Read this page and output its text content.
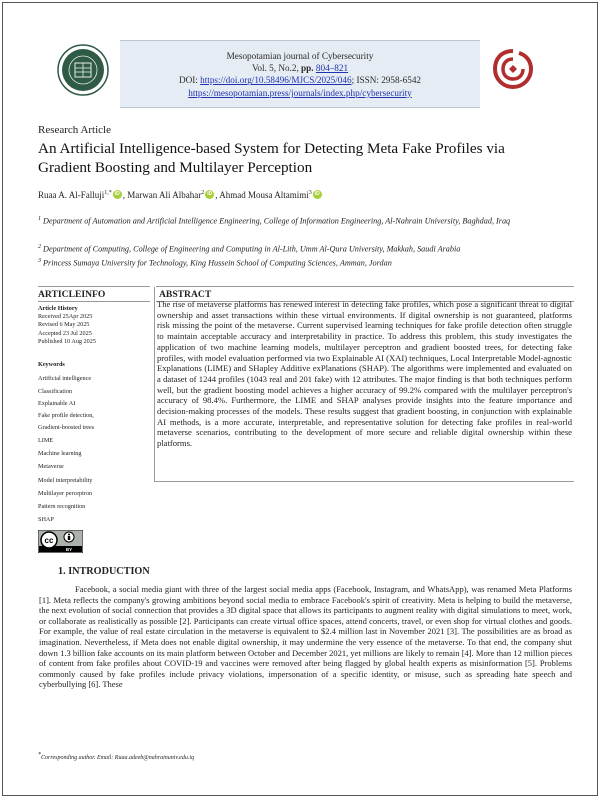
Mesopotamian journal of Cybersecurity
Vol. 5, No.2, pp. 804–821
DOI: https://doi.org/10.58496/MJCS/2025/046; ISSN: 2958-6542
https://mesopotamian.press/journals/index.php/cybersecurity
Research Article
An Artificial Intelligence-based System for Detecting Meta Fake Profiles via Gradient Boosting and Multilayer Perception
Ruaa A. Al-Falluji$^{1,*}$ iD , Marwan Ali Albahar$^2$ iD , Ahmad Mousa Altamimi$^3$ iD
$^1$ Department of Automation and Artificial Intelligence Engineering, College of Information Engineering, Al-Nahrain University, Baghdad, Iraq
$^2$ Department of Computing, College of Engineering and Computing in Al-Lith, Umm Al-Qura University, Makkah, Saudi Arabia
$^3$ Princess Sumaya University for Technology, King Hussein School of Computing Sciences, Amman, Jordan
ARTICLEINFO
Article History
Received 25Apr 2025
Revised 6 May 2025
Accepted 23 Jul 2025
Published 10 Aug 2025
Keywords
Artificial intelligence
Classification
Explainable AI
Fake profile detection,
Gradient-boosted trees
LIME
Machine learning
Metaverse
Model interpretability
Multilayer perceptron
Pattern recognition
SHAP
cc
BY
ABSTRACT
The rise of metaverse platforms has renewed interest in detecting fake profiles, which pose a significant threat to digital ownership and asset transactions within these virtual environments. If digital ownership is not guaranteed, platforms risk missing the point of the metaverse. Current supervised learning techniques for fake profile detection often struggle to maintain acceptable accuracy and interpretability in practice. To address this problem, this study investigates the application of two machine learning models, multilayer perceptron and gradient boosted trees, for detecting fake profiles, with model evaluation performed via two Explainable AI (XAI) techniques, Local Interpretable Model-agnostic Explanations (LIME) and SHapley Additive exPlanations (SHAP). The algorithms were implemented and evaluated on a dataset of 1244 profiles (1043 real and 201 fake) with 12 attributes. The major finding is that both techniques perform well, but the gradient boosting model achieves a higher accuracy of 99.2% compared with the multilayer perceptron's accuracy of 98.4%. Furthermore, the LIME and SHAP analyses provide insights into the feature importance and decision-making processes of the models. These results suggest that gradient boosting, in conjunction with explainable AI methods, is a more accurate, interpretable, and representative solution for detecting fake profiles in real-world metaverse scenarios, contributing to the development of more secure and reliable digital ownership within these platforms.
1. INTRODUCTION

Facebook, a social media giant with three of the largest social media apps (Facebook, Instagram, and WhatsApp), was renamed Meta Platforms [1]. Meta reflects the company's growing ambitions beyond social media to embrace Facebook's spirit of creativity. Meta is helping to build the metaverse, the next evolution of social connection that provides a 3D digital space that allows its participants to augment reality with digital simulations to meet, work, or collaborate as realistically as possible [2]. Participants can create virtual office spaces, attend concerts, travel, or even shop for virtual clothes and goods. For example, the value of real estate circulation in the metaverse is equivalent to $2.4 million last in November 2021 [3]. The possibilities are as broad as imagination. Nevertheless, if Meta does not enable digital ownership, it may undermine the very essence of the metaverse. To that end, the company shut down 1.3 billion fake accounts on its main platform between October and December 2021, yet millions are likely to remain [4]. More than 12 million pieces of content from fake profiles about COVID-19 and vaccines were removed after being flagged by global health experts as misinformation [5]. Problems commonly caused by fake profiles include privacy violations, impersonation of a specific identity, or misuse, such as spreading hate speech and cyberbullying [6]. These

*Corresponding author. Email: Ruaa.adeeb@nahrainuniv.edu.iq
